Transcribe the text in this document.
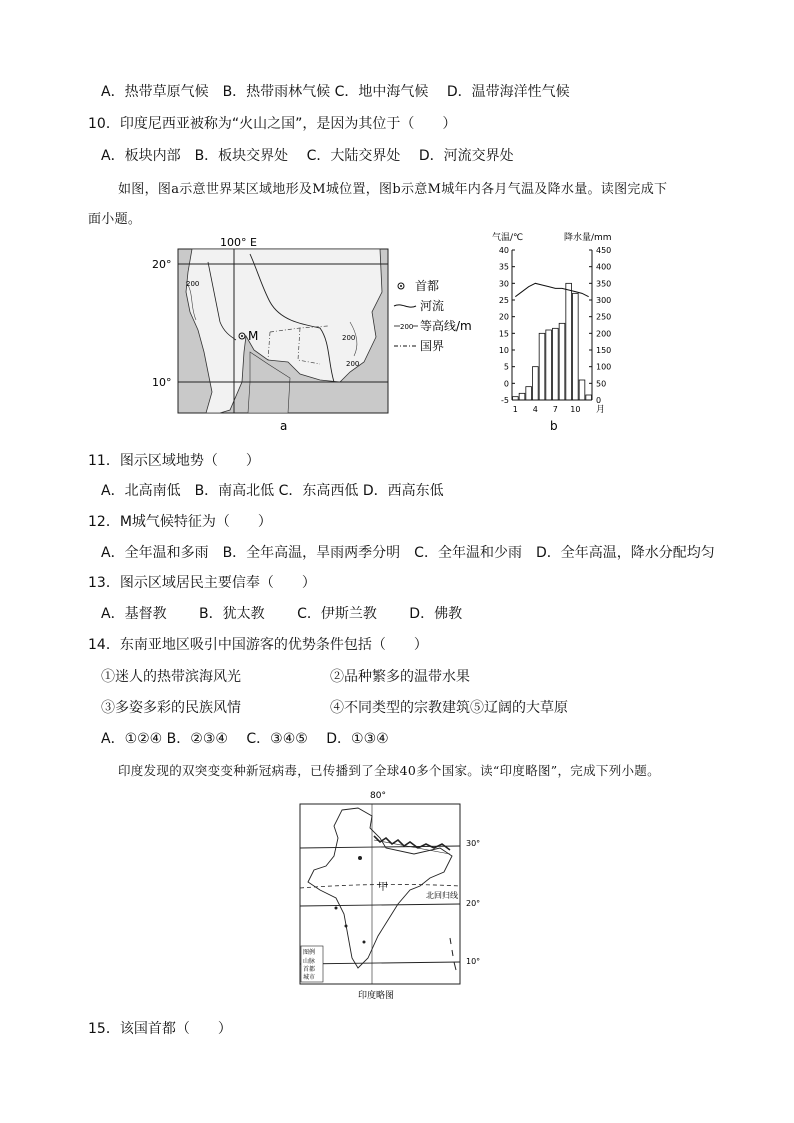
A．热带草原气候　B．热带雨林气候 C．地中海气候　 D．温带海洋性气候
10．印度尼西亚被称为“火山之国”，是因为其位于（　　）
A．板块内部　B．板块交界处　 C．大陆交界处　 D．河流交界处
如图，图a示意世界某区域地形及M城位置，图b示意M城年内各月气温及降水量。读图完成下
面小题。
100° E
200
200
200
20°
10°
M
a
首都
河流
200 等高线/m
国界
气温/℃	降水量/mm
40
35
30
25
20
15
10
5
0
-5
450
400
350
300
250
200
150
100
50
0
1 4 7 10 月
b
11．图示区域地势（　　）
A．北高南低　B．南高北低 C．东高西低 D．西高东低
12．M城气候特征为（　　）
A．全年温和多雨　B．全年高温，旱雨两季分明　C．全年温和少雨　D．全年高温，降水分配均匀
13．图示区域居民主要信奉（　　）
A．基督教　　 B．犹太教　　 C．伊斯兰教　　 D．佛教
14．东南亚地区吸引中国游客的优势条件包括（　　）
①迷人的热带滨海风光	②品种繁多的温带水果
③多姿多彩的民族风情	④不同类型的宗教建筑⑤辽阔的大草原
A．①②④ B．②③④　 C．③④⑤　 D．①③④
印度发现的双突变变种新冠病毒，已传播到了全球40多个国家。读“印度略图”，完成下列小题。
80°
甲
北回归线
30°
20°
10°
图例
山脉
首都
城市
印度略图
15．该国首都（　　）
